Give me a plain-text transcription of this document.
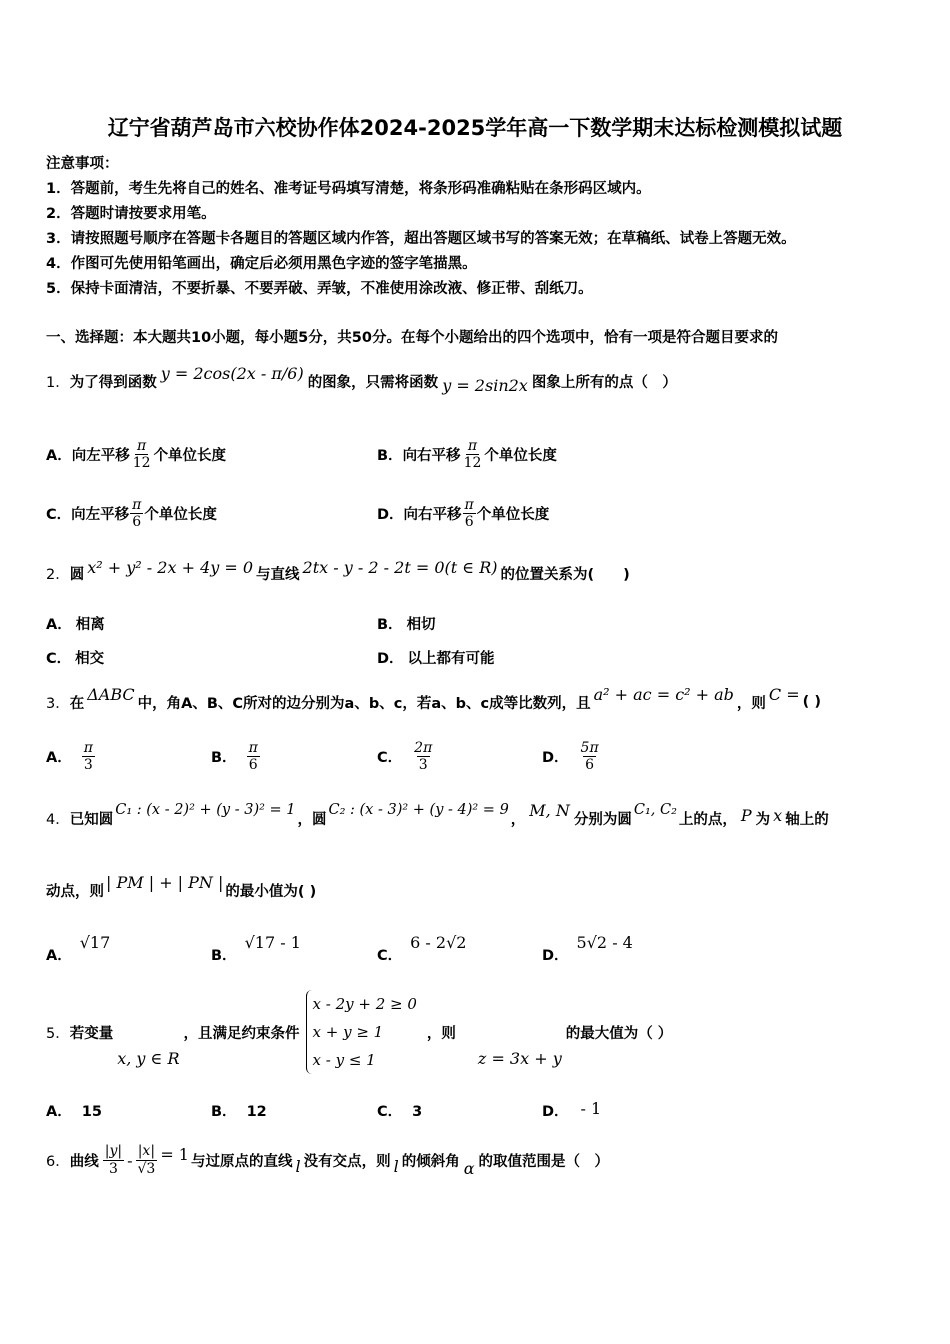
辽宁省葫芦岛市六校协作体2024-2025学年高一下数学期末达标检测模拟试题
注意事项：
1．答题前，考生先将自己的姓名、准考证号码填写清楚，将条形码准确粘贴在条形码区域内。
2．答题时请按要求用笔。
3．请按照题号顺序在答题卡各题目的答题区域内作答，超出答题区域书写的答案无效；在草稿纸、试卷上答题无效。
4．作图可先使用铅笔画出，确定后必须用黑色字迹的签字笔描黑。
5．保持卡面清洁，不要折暴、不要弄破、弄皱，不准使用涂改液、修正带、刮纸刀。
一、选择题：本大题共10小题，每小题5分，共50分。在每个小题给出的四个选项中，恰有一项是符合题目要求的
1． 为了得到函数 y = 2cos(2x - π/6) 的图象，只需将函数 y = 2sin2x 图象上所有的点（　）
A． 向左平移 $\frac{\pi}{12}$ 个单位长度	B． 向右平移 $\frac{\pi}{12}$ 个单位长度
C． 向左平移 $\frac{\pi}{6}$ 个单位长度	D． 向右平移 $\frac{\pi}{6}$ 个单位长度
2． 圆 x² + y² - 2x + 4y = 0 与直线 2tx - y - 2 - 2t = 0(t ∈ R) 的位置关系为(　　)
A． 相离	B． 相切
C． 相交	D． 以上都有可能
3． 在 ΔABC 中，角A、B、C所对的边分别为a、b、c，若a、b、c成等比数列，且 a² + ac = c² + ab ，则 C = ( )
A． $\frac{\pi}{3}$	B． $\frac{\pi}{6}$	C． $\frac{2\pi}{3}$	D． $\frac{5\pi}{6}$
4． 已知圆
C₁ : (x - 2)² + (y - 3)² = 1
，圆
C₂ : (x - 3)² + (y - 4)² = 9
， M, N 分别为圆
C₁, C₂
上的点， P 为 x 轴上的
动点，则 | PM | + | PN | 的最小值为( )
A．
√17
B．
√17 - 1
C．
6 - 2√2
D．
5√2 - 4
5． 若变量
x, y ∈ R
，且满足约束条件
x - 2y + 2 ≥ 0
x + y ≥ 1
x - y ≤ 1
，则
z = 3x + y
的最大值为（ ）
A． 15	B． 12	C． 3	D． - 1
6． 曲线 $\frac{|y|}{3} - \frac{|x|}{√3} = 1$ 与过原点的直线 l 没有交点，则 l 的倾斜角 α 的取值范围是（　）
